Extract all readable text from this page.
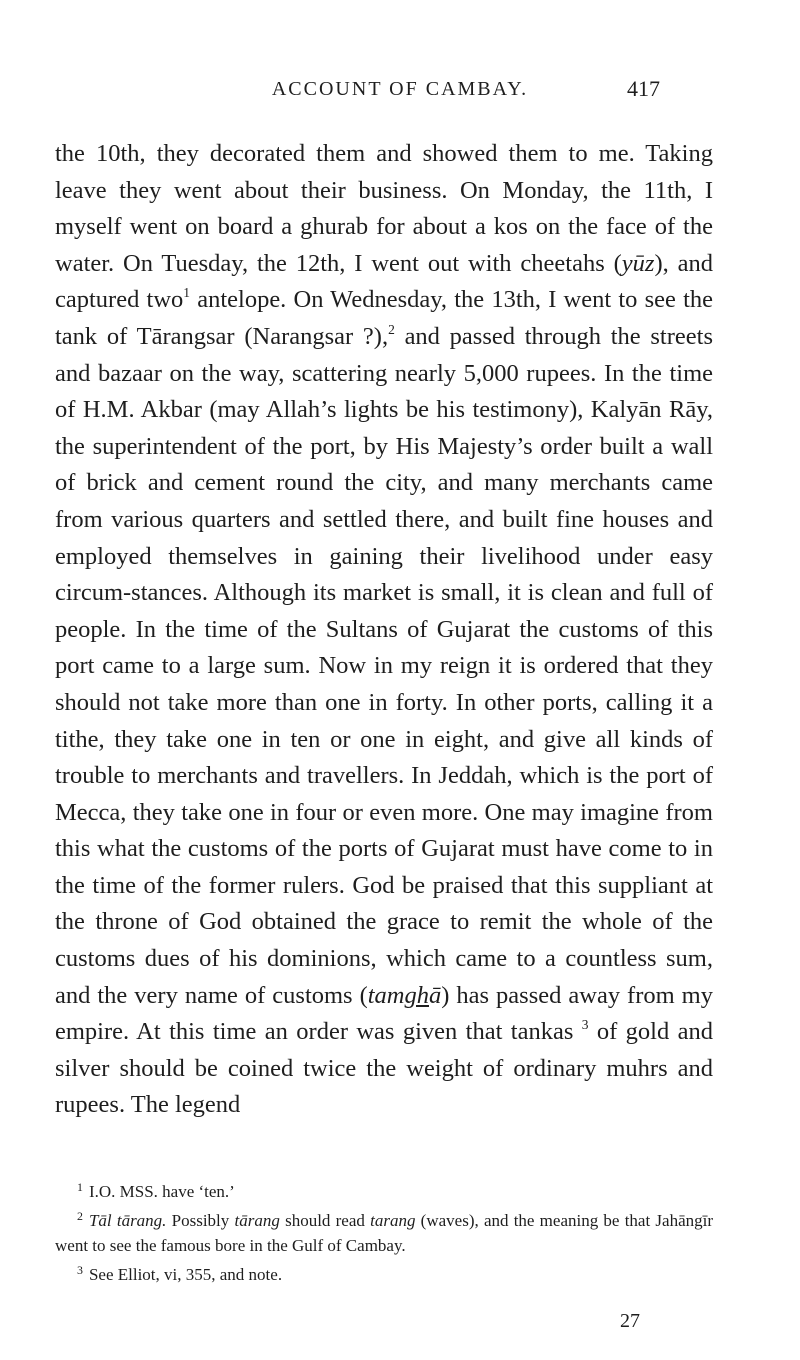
ACCOUNT OF CAMBAY.	417

the 10th, they decorated them and showed them to me. Taking leave they went about their business. On Monday, the 11th, I myself went on board a ghurab for about a kos on the face of the water. On Tuesday, the 12th, I went out with cheetahs (yūz), and captured two$^1$ antelope. On Wednesday, the 13th, I went to see the tank of Tārangsar (Narangsar ?),$^2$ and passed through the streets and bazaar on the way, scattering nearly 5,000 rupees. In the time of H.M. Akbar (may Allah’s lights be his testimony), Kalyān Rāy, the superintendent of the port, by His Majesty’s order built a wall of brick and cement round the city, and many merchants came from various quarters and settled there, and built fine houses and employed themselves in gaining their livelihood under easy circum-stances. Although its market is small, it is clean and full of people. In the time of the Sultans of Gujarat the customs of this port came to a large sum. Now in my reign it is ordered that they should not take more than one in forty. In other ports, calling it a tithe, they take one in ten or one in eight, and give all kinds of trouble to merchants and travellers. In Jeddah, which is the port of Mecca, they take one in four or even more. One may imagine from this what the customs of the ports of Gujarat must have come to in the time of the former rulers. God be praised that this suppliant at the throne of God obtained the grace to remit the whole of the customs dues of his dominions, which came to a countless sum, and the very name of customs (tamghā) has passed away from my empire. At this time an order was given that tankas $^3$ of gold and silver should be coined twice the weight of ordinary muhrs and rupees. The legend

$^1$ I.O. MSS. have ‘ten.’

$^2$ Tāl tārang. Possibly tārang should read tarang (waves), and the meaning be that Jahāngīr went to see the famous bore in the Gulf of Cambay.

$^3$ See Elliot, vi, 355, and note.

27
